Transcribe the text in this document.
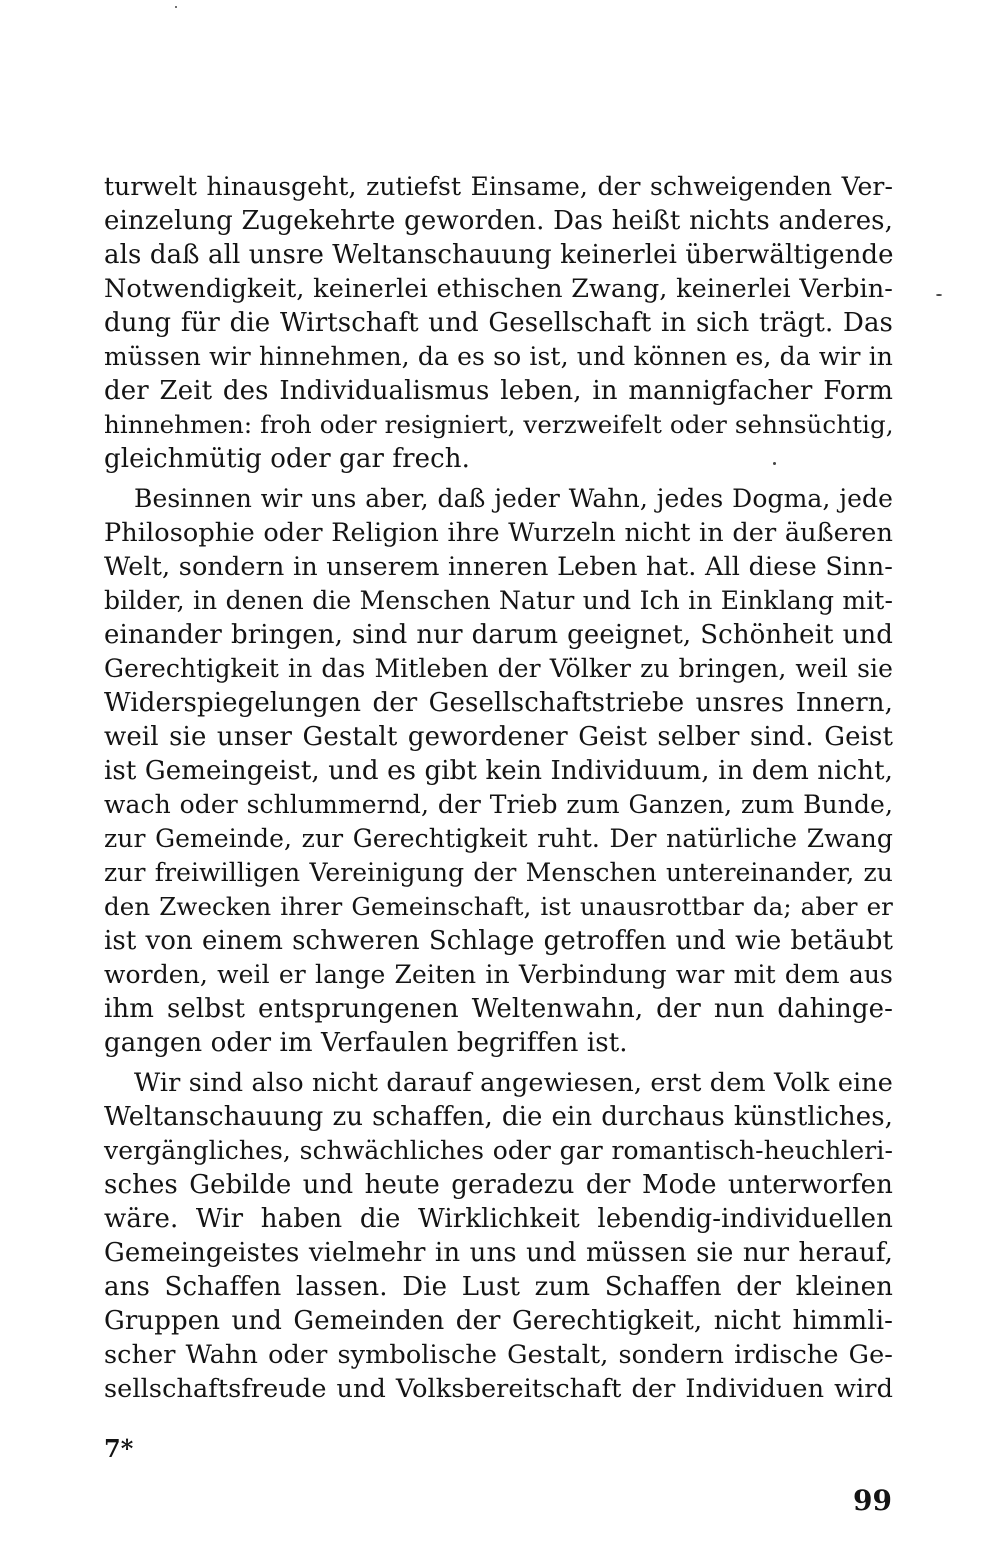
turwelt hinausgeht, zutiefst Einsame, der schweigenden Ver-
einzelung Zugekehrte geworden. Das heißt nichts anderes,
als daß all unsre Weltanschauung keinerlei überwältigende
Notwendigkeit, keinerlei ethischen Zwang, keinerlei Verbin-
dung für die Wirtschaft und Gesellschaft in sich trägt. Das
müssen wir hinnehmen, da es so ist, und können es, da wir in
der Zeit des Individualismus leben, in mannigfacher Form
hinnehmen: froh oder resigniert, verzweifelt oder sehnsüchtig,
gleichmütig oder gar frech.
Besinnen wir uns aber, daß jeder Wahn, jedes Dogma, jede
Philosophie oder Religion ihre Wurzeln nicht in der äußeren
Welt, sondern in unserem inneren Leben hat. All diese Sinn-
bilder, in denen die Menschen Natur und Ich in Einklang mit-
einander bringen, sind nur darum geeignet, Schönheit und
Gerechtigkeit in das Mitleben der Völker zu bringen, weil sie
Widerspiegelungen der Gesellschaftstriebe unsres Innern,
weil sie unser Gestalt gewordener Geist selber sind. Geist
ist Gemeingeist, und es gibt kein Individuum, in dem nicht,
wach oder schlummernd, der Trieb zum Ganzen, zum Bunde,
zur Gemeinde, zur Gerechtigkeit ruht. Der natürliche Zwang
zur freiwilligen Vereinigung der Menschen untereinander, zu
den Zwecken ihrer Gemeinschaft, ist unausrottbar da; aber er
ist von einem schweren Schlage getroffen und wie betäubt
worden, weil er lange Zeiten in Verbindung war mit dem aus
ihm selbst entsprungenen Weltenwahn, der nun dahinge-
gangen oder im Verfaulen begriffen ist.
Wir sind also nicht darauf angewiesen, erst dem Volk eine
Weltanschauung zu schaffen, die ein durchaus künstliches,
vergängliches, schwächliches oder gar romantisch-heuchleri-
sches Gebilde und heute geradezu der Mode unterworfen
wäre. Wir haben die Wirklichkeit lebendig-individuellen
Gemeingeistes vielmehr in uns und müssen sie nur herauf,
ans Schaffen lassen. Die Lust zum Schaffen der kleinen
Gruppen und Gemeinden der Gerechtigkeit, nicht himmli-
scher Wahn oder symbolische Gestalt, sondern irdische Ge-
sellschaftsfreude und Volksbereitschaft der Individuen wird
7*
99
